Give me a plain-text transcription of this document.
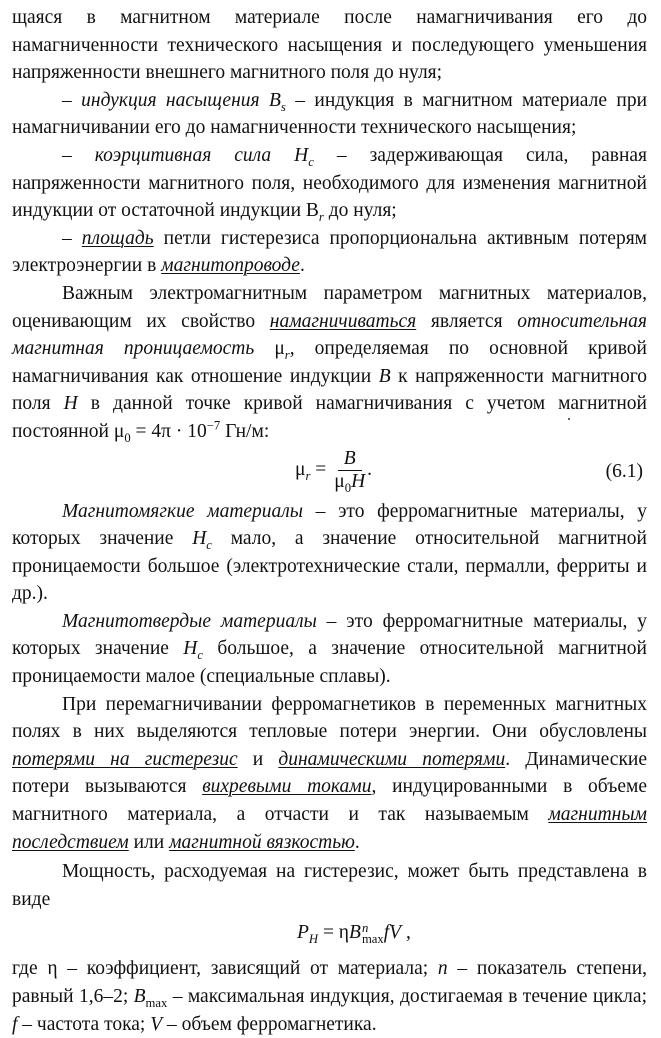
щаяся в магнитном материале после намагничивания его до намагниченности технического насыщения и последующего уменьшения напряженности внешнего магнитного поля до нуля;

– индукция насыщения $B_s$ – индукция в магнитном материале при намагничивании его до намагниченности технического насыщения;

– коэрцитивная сила $H_c$ – задерживающая сила, равная напряженности магнитного поля, необходимого для изменения магнитной индукции от остаточной индукции $B_r$ до нуля;

– площадь петли гистерезиса пропорциональна активным потерям электроэнергии в магнитопроводе.

Важным электромагнитным параметром магнитных материалов, оценивающим их свойство намагничиваться является относительная магнитная проницаемость $\mu_r$, определяемая по основной кривой намагничивания как отношение индукции B к напряженности магнитного поля H в данной точке кривой намагничивания с учетом магнитной постоянной $\mu_0 = 4\pi \cdot 10^{-7}$ Гн/м:

$\mu_r = \frac{B}{\mu_0H}$ .	(6.1)

Магнитомягкие материалы – это ферромагнитные материалы, у которых значение $H_c$ мало, а значение относительной магнитной проницаемости большое (электротехнические стали, пермалли, ферриты и др.).

Магнитотвердые материалы – это ферромагнитные материалы, у которых значение $H_c$ большое, а значение относительной магнитной проницаемости малое (специальные сплавы).

При перемагничивании ферромагнетиков в переменных магнитных полях в них выделяются тепловые потери энергии. Они обусловлены потерями на гистерезис и динамическими потерями. Динамические потери вызываются вихревыми токами, индуцированными в объеме магнитного материала, а отчасти и так называемым магнитным последствием или магнитной вязкостью.

Мощность, расходуемая на гистерезис, может быть представлена в виде

$P_H = \eta B$ n
max fV ,

где η – коэффициент, зависящий от материала; n – показатель степени, равный 1,6–2; $B_{max}$ – максимальная индукция, достигаемая в течение цикла; f – частота тока; V – объем ферромагнетика.
